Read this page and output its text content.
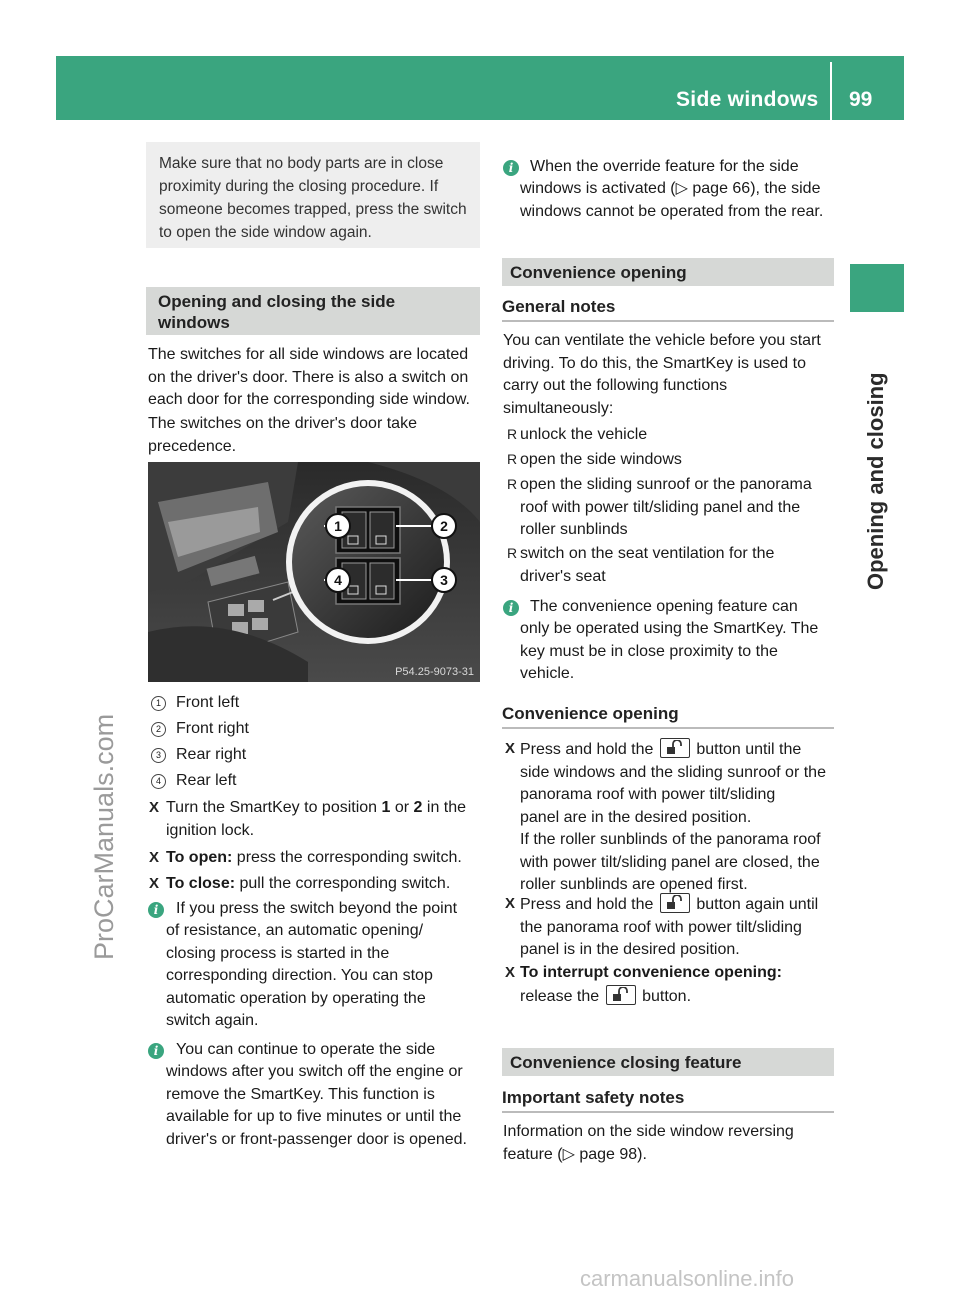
Side windows 99
Opening and closing
ProCarManuals.com
carmanualsonline.info
Make sure that no body parts are in close
proximity during the closing procedure. If
someone becomes trapped, press the switch
to open the side window again.
Opening and closing the side
windows
The switches for all side windows are located
on the driver's door. There is also a switch on
each door for the corresponding side window.
The switches on the driver's door take
precedence.
1	2
3
4
P54.25-9073-31
1 Front left
2 Front right
3 Rear right
4 Rear left
X Turn the SmartKey to position 1 or 2 in the
ignition lock.
X To open: press the corresponding switch.
X To close: pull the corresponding switch.
i	If you press the switch beyond the point
of resistance, an automatic opening/
closing process is started in the
corresponding direction. You can stop
automatic operation by operating the
switch again.
i	You can continue to operate the side
windows after you switch off the engine or
remove the SmartKey. This function is
available for up to five minutes or until the
driver's or front-passenger door is opened.
i	When the override feature for the side
windows is activated (▷ page 66), the side
windows cannot be operated from the rear.
Convenience opening
General notes
You can ventilate the vehicle before you start
driving. To do this, the SmartKey is used to
carry out the following functions
simultaneously:
R unlock the vehicle
R open the side windows
R open the sliding sunroof or the panorama
roof with power tilt/sliding panel and the
roller sunblinds
R switch on the seat ventilation for the
driver's seat
i	The convenience opening feature can
only be operated using the SmartKey. The
key must be in close proximity to the
vehicle.
Convenience opening
X Press and hold the	button until the
side windows and the sliding sunroof or the
panorama roof with power tilt/sliding
panel are in the desired position.
If the roller sunblinds of the panorama roof
with power tilt/sliding panel are closed, the
roller sunblinds are opened first.
X Press and hold the	button again until
the panorama roof with power tilt/sliding
panel is in the desired position.
X To interrupt convenience opening:
release the	button.
Convenience closing feature
Important safety notes
Information on the side window reversing
feature (▷ page 98).
